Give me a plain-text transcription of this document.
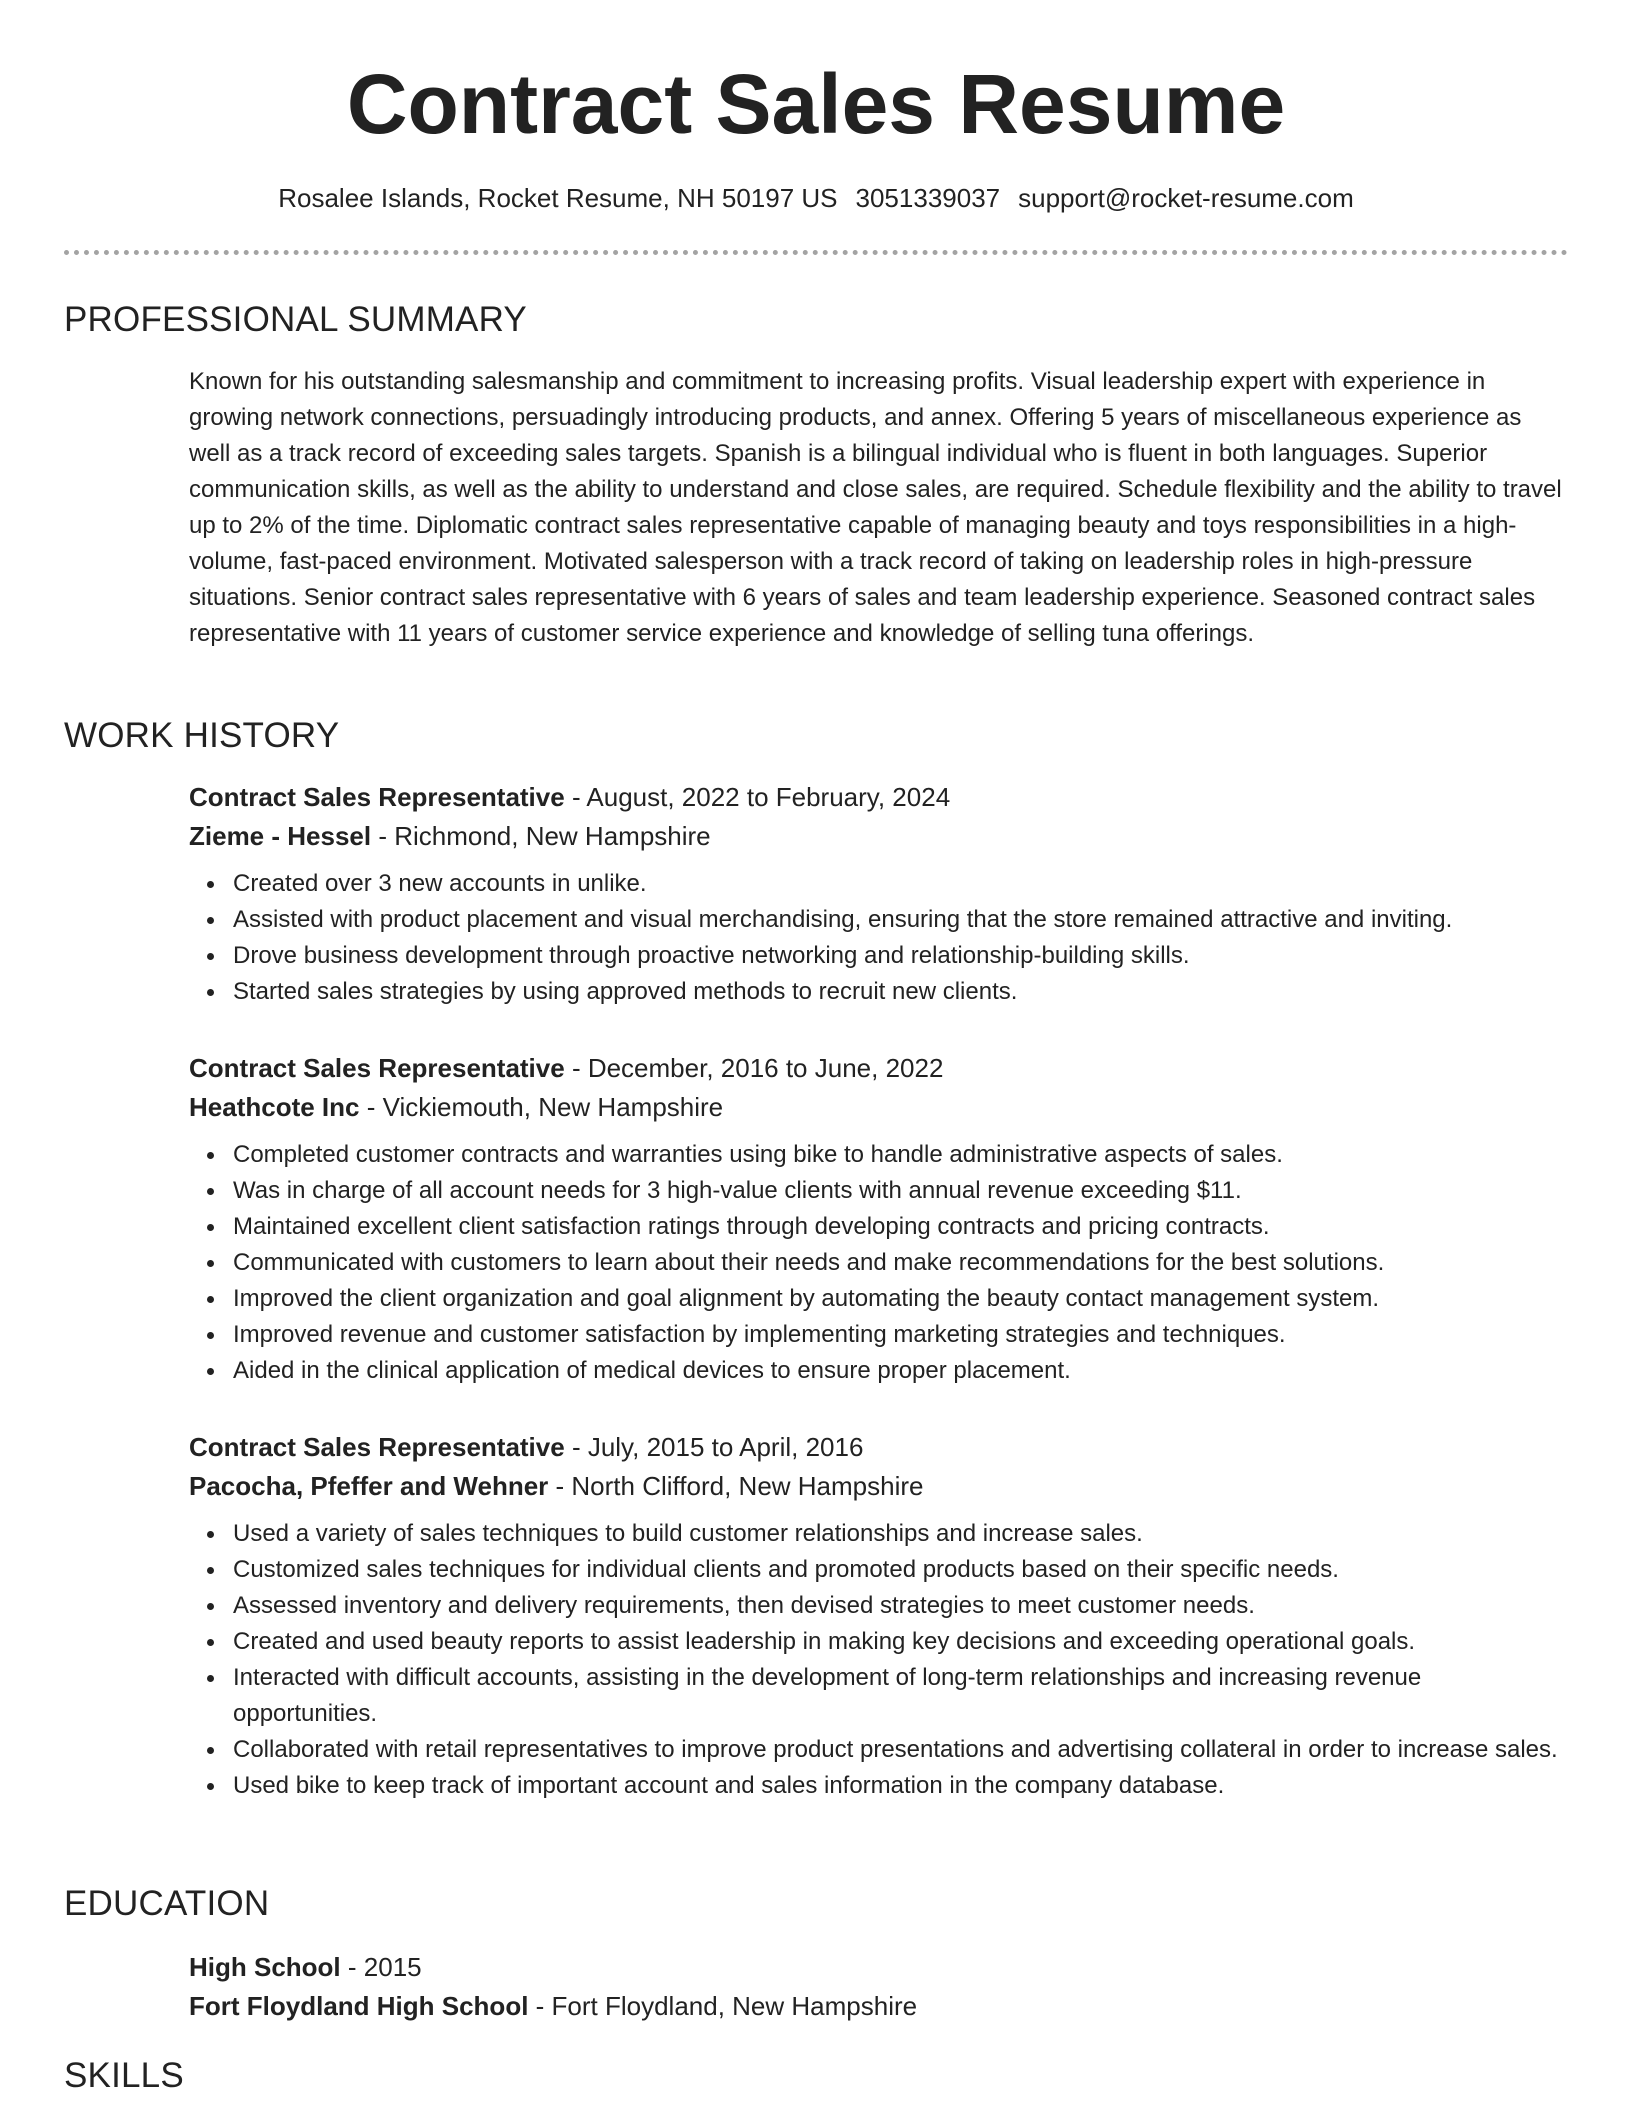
Contract Sales Resume
Rosalee Islands, Rocket Resume, NH 50197 US 3051339037 support@rocket-resume.com
PROFESSIONAL SUMMARY

Known for his outstanding salesmanship and commitment to increasing profits. Visual leadership expert with experience in growing network connections, persuadingly introducing products, and annex. Offering 5 years of miscellaneous experience as well as a track record of exceeding sales targets. Spanish is a bilingual individual who is fluent in both languages. Superior communication skills, as well as the ability to understand and close sales, are required. Schedule flexibility and the ability to travel up to 2% of the time. Diplomatic contract sales representative capable of managing beauty and toys responsibilities in a high-volume, fast-paced environment. Motivated salesperson with a track record of taking on leadership roles in high-pressure situations. Senior contract sales representative with 6 years of sales and team leadership experience. Seasoned contract sales representative with 11 years of customer service experience and knowledge of selling tuna offerings.

WORK HISTORY
Contract Sales Representative - August, 2022 to February, 2024
Zieme - Hessel - Richmond, New Hampshire
Created over 3 new accounts in unlike.
Assisted with product placement and visual merchandising, ensuring that the store remained attractive and inviting.
Drove business development through proactive networking and relationship-building skills.
Started sales strategies by using approved methods to recruit new clients.
Contract Sales Representative - December, 2016 to June, 2022
Heathcote Inc - Vickiemouth, New Hampshire
Completed customer contracts and warranties using bike to handle administrative aspects of sales.
Was in charge of all account needs for 3 high-value clients with annual revenue exceeding $11.
Maintained excellent client satisfaction ratings through developing contracts and pricing contracts.
Communicated with customers to learn about their needs and make recommendations for the best solutions.
Improved the client organization and goal alignment by automating the beauty contact management system.
Improved revenue and customer satisfaction by implementing marketing strategies and techniques.
Aided in the clinical application of medical devices to ensure proper placement.
Contract Sales Representative - July, 2015 to April, 2016
Pacocha, Pfeffer and Wehner - North Clifford, New Hampshire
Used a variety of sales techniques to build customer relationships and increase sales.
Customized sales techniques for individual clients and promoted products based on their specific needs.
Assessed inventory and delivery requirements, then devised strategies to meet customer needs.
Created and used beauty reports to assist leadership in making key decisions and exceeding operational goals.
Interacted with difficult accounts, assisting in the development of long-term relationships and increasing revenue opportunities.
Collaborated with retail representatives to improve product presentations and advertising collateral in order to increase sales.
Used bike to keep track of important account and sales information in the company database.
EDUCATION
High School - 2015
Fort Floydland High School - Fort Floydland, New Hampshire
SKILLS
